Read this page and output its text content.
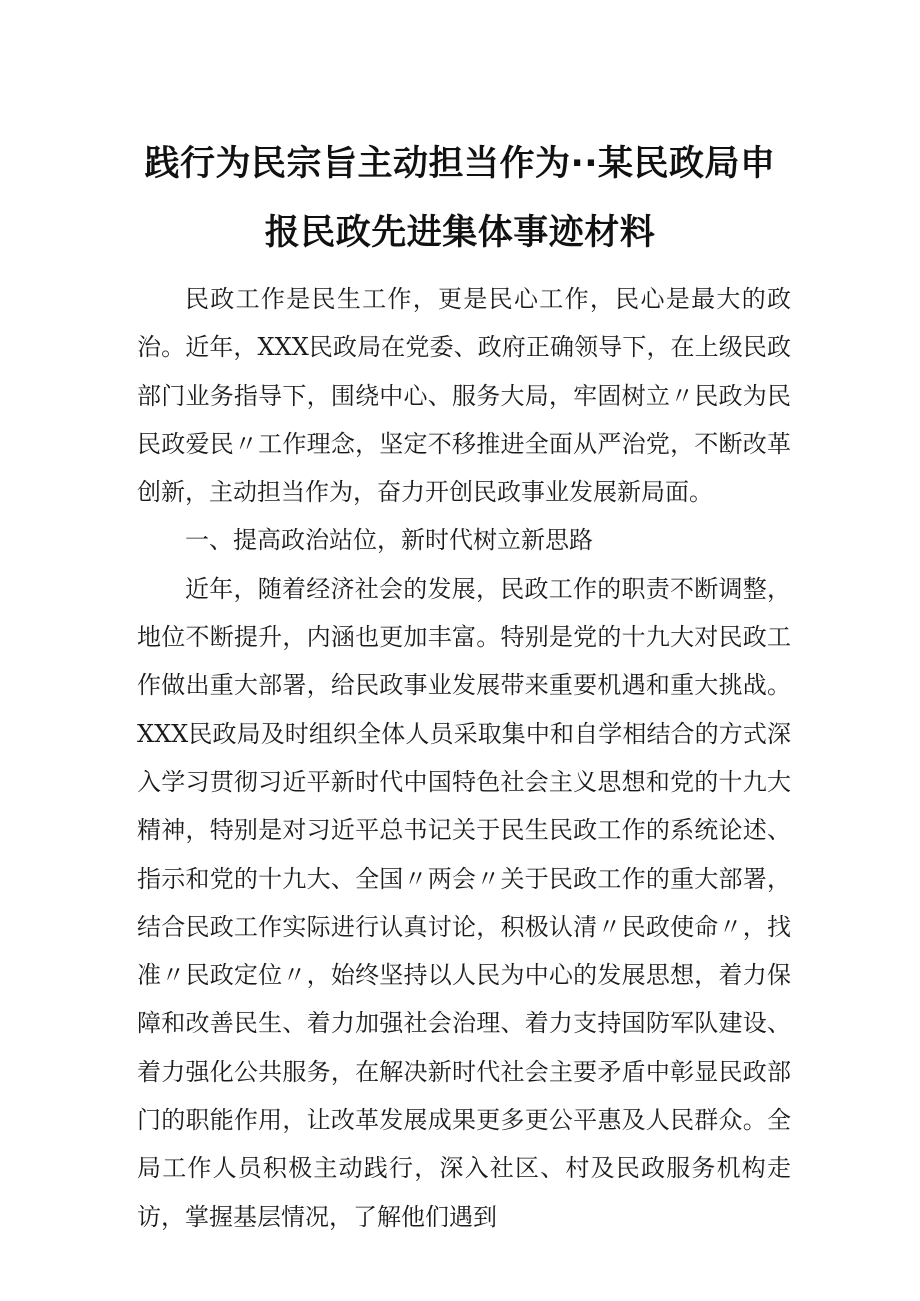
践行为民宗旨主动担当作为··某民政局申
报民政先进集体事迹材料

民政工作是民生工作，更是民心工作，民心是最大的政治。近年，XXX民政局在党委、政府正确领导下，在上级民政部门业务指导下，围绕中心、服务大局，牢固树立〃民政为民民政爱民〃工作理念，坚定不移推进全面从严治党，不断改革创新，主动担当作为，奋力开创民政事业发展新局面。

一、提高政治站位，新时代树立新思路

近年，随着经济社会的发展，民政工作的职责不断调整，地位不断提升，内涵也更加丰富。特别是党的十九大对民政工作做出重大部署，给民政事业发展带来重要机遇和重大挑战。XXX民政局及时组织全体人员采取集中和自学相结合的方式深入学习贯彻习近平新时代中国特色社会主义思想和党的十九大精神，特别是对习近平总书记关于民生民政工作的系统论述、指示和党的十九大、全国〃两会〃关于民政工作的重大部署，结合民政工作实际进行认真讨论，积极认清〃民政使命〃，找准〃民政定位〃，始终坚持以人民为中心的发展思想，着力保障和改善民生、着力加强社会治理、着力支持国防军队建设、着力强化公共服务，在解决新时代社会主要矛盾中彰显民政部门的职能作用，让改革发展成果更多更公平惠及人民群众。全局工作人员积极主动践行，深入社区、村及民政服务机构走访，掌握基层情况，了解他们遇到
